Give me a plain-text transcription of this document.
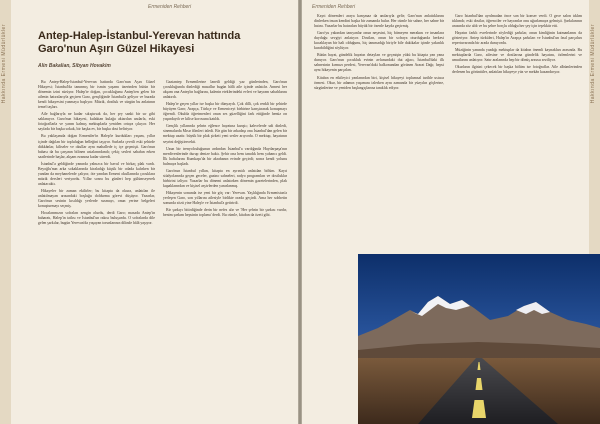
Ermeniden Rehberi
Hakkında Ermeni Müdürlükler	Antep-Halep-İstanbul-Yerevan hattında
Garo'nun Aşırı Güzel Hikayesi
Alin Bakalian, Sibyan Hovakim

Bu Antep-Halep-İstanbul-Yerevan hattında Garo'nun Aşırı Güzel Hikayesi; İstanbul'da tanınmış bir ismin yaşamı üzerinden bütün bir dönemin izini sürüyor. Halep'te doğan, çocukluğunu Antep'ten gelen bir ailenin hatıralarıyla geçiren Garo, gençliğinde İstanbul'a geliyor ve burada kendi hikayesini yazmaya başlıyor. Müzik, dostluk ve sürgün bu anlatının temel taşları.

Aile bağlarıyla ne kadar sıkıştırsak da, her şey sanki bir sır gibi saklanıyor. Garo'nun hikayesi, kulaktan kulağa aktarılan anılarla, eski fotoğraflarla ve yarım kalmış mektuplarla yeniden ortaya çıkıyor. Her sayfada bir başka sokak, bir başka ev, bir başka dost beliriyor.

Bu yaklaşımda doğan Ermeniler'in Halep'te kurdukları yaşam, yıllar içinde dağılan bir topluluğun belleğini taşıyor. Surlarla çevrili eski şehirde dükkânlar, kiliseler ve okullar aynı mahallede iç içe geçmişti. Garo'nun babası da bu çarşının bilinen ustalarındandı; çekiç sesleri sabahın erken saatlerinde başlar, akşam ezanına kadar sürerdi.

İstanbul'a geldiğinde yanında yalnızca bir bavul ve birkaç plak vardı. Beyoğlu'nun arka sokaklarında kiraladığı küçük bir odada kalırken bir yandan da meyhanelerde çalıyor, öte yandan Ermeni okullarında çocuklara müzik dersleri veriyordu. Yıllar sonra bu günleri hep gülümseyerek anlatacaktı.

Hikayeler bir zaman ekilirler; bu kitapta da okura, anlatılan ile anlatılmayan arasındaki boşluğu doldurma görevi düşüyor. Yazarlar, Garo'nun sesinin kısıldığı yerlerde susmayı, onun yerine belgeleri konuşturmayı seçmiş.

Hocalarımızın sofraları zengin olurdu, derdi Garo; masada Antep'in baharatı, Halep'in tatlısı ve İstanbul'un rakısı buluşurdu. O sofralarda dile gelen şarkılar, bugün Yerevan'da yaşayan torunlarının dilinde hâlâ yaşıyor.

Gaziantep Ermenilerine lanetli geldiği yaz günlerinden, Garo'nun çocukluğunda dinlediği masallar bugün hâlâ aile içinde anlatılır. Annesi her akşam ona Antep'in bağlarını, kalenin eteklerindeki evleri ve bayram sabahlarını anlatırdı.

Halep'te geçen yıllar ise başka bir dünyaydı. Çok dilli, çok renkli bir şehirde büyüyen Garo; Arapça, Türkçe ve Ermeniceyi birbirine karıştırarak konuşmayı öğrendi. Okulda öğretmenleri onun ses güzelliğini fark ettiğinde henüz on yaşındaydı ve kilise korosuna katıldı.

Gençlik yıllarında şehrin eğlence hayatına karıştı; kahvelerde udi dinledi, sinemalarda Mısır filmleri izledi. Bir gün bir arkadaşı ona İstanbul'dan gelen bir mektup uzattı: büyük bir plak şirketi yeni sesler arıyordu. O mektup, hayatının seyrini değiştirecekti.

Uzun bir trenyolculuğunun ardından İstanbul'a vardığında Haydarpaşa'nın merdivenlerinde durup denize baktı. Şehir ona hem tanıdık hem yabancı geldi. İlk haftalarını Kumkapı'da bir akrabanın evinde geçirdi; sonra kendi yolunu bulmaya başladı.

Garo'nun İstanbul yılları, kitapta en ayrıntılı anlatılan bölüm. Kayıt stüdyolarında geçen geceler, gazino sahneleri, radyo programları ve dostluklar birbirini izliyor. Yazarlar bu dönemi anlatırken dönemin gazetelerinden, plak kapaklarından ve kişisel arşivlerden yararlanmış.

Hikayenin sonunda ise yeni bir göç var: Yerevan. Yaşlılığında Ermenistan'a yerleşen Garo, son yıllarını ailesiyle birlikte orada geçirdi. Ama her sohbetin sonunda sözü yine Halep'e ve İstanbul'a getirirdi.

Bir şarkıyı bitirdiğinde derin bir nefes alır ve 'Her şehrin bir şarkısı vardır, benim şarkım hepsinin toplamı' derdi. Bu cümle, kitabın da özeti gibi.

Ermeniden Rehberi
Hakkında Ermeni Müdürlükler

Kayıt dönemleri araya karışmaz da anılarıyla gelir; Garo'nun anlattıklarını dinlerken insan kendini başka bir zamanda bulur. Her cümle bir sahne, her sahne bir hatıra. Yazarlar bu hatıraları büyük bir özenle kayda geçirmiş.

Garo'yu yakından tanıyanlar onun neşesini, hiç bitmeyen merakını ve insanlara duyduğu sevgiyi anlatıyor. Dostları, onun bir sofraya oturduğunda herkesi kucaklayan bir hali olduğunu, hiç tanımadığı biriyle bile dakikalar içinde yakınlık kurabildiğini söylüyor.

Bütün hayat, gündelik hayatın detayları ve geçmişin yükü bu kitapta yan yana duruyor. Garo'nun çocukluk evinin avlusundaki dut ağacı, İstanbul'daki ilk sahnesinin kırmızı perdesi, Yerevan'daki balkonundan görünen Ararat Dağı; hepsi aynı hikayenin parçaları.

Kitabın en etkileyici yanlarından biri, kişisel hikayeyi toplumsal tarihle ustaca örmesi. Okur, bir adamın yaşamını izlerken aynı zamanda bir yüzyılın göçlerine, sürgünlerine ve yeniden başlangıçlarına tanıklık ediyor.

Garo İstanbul'dan ayrılmadan önce son bir konser verdi. O gece salon tıklım tıklımdı; eski dostlar, öğrenciler ve hayranlar onu uğurlamaya gelmişti. Şarkılarının arasında söz aldı ve bu şehre borçlu olduğu her şey için teşekkür etti.

Hayatın farklı evrelerinde söylediği şarkılar, onun kimliğinin katmanlarını da gösteriyor. Antep türküleri, Halep'in Arapça şarkıları ve İstanbul'un fasıl parçaları repertuvarında bir arada duruyordu.

Müziğinin yanında yazdığı mektuplar da kitabın önemli kaynakları arasında. Bu mektuplarda Garo, ailesine ve dostlarına gündelik hayatını, özlemlerini ve umutlarını anlatıyor. Satır aralarında hep bir dönüş arzusu seziliyor.

Okurların ilgisini çekecek bir başka bölüm ise fotoğraflar. Aile albümlerinden derlenen bu görüntüler, anlatılan hikayeye yüz ve mekân kazandırıyor.
